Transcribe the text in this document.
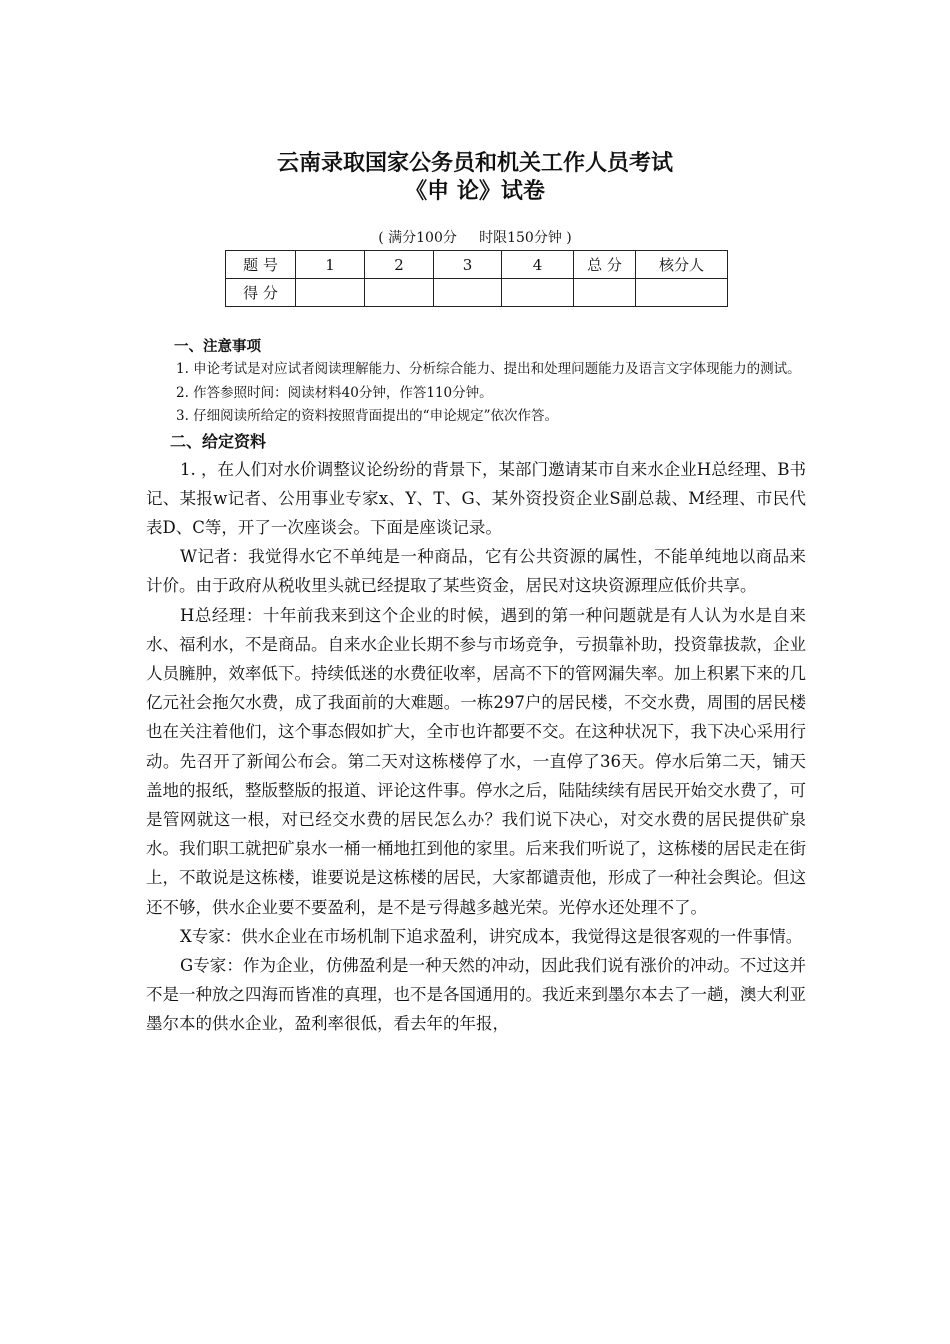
云南录取国家公务员和机关工作人员考试
《申 论》试卷
( 满分100分     时限150分钟 )
题 号	1	2	3	4	总 分	核分人
得 分						

一、注意事项

1. 申论考试是对应试者阅读理解能力、分析综合能力、提出和处理问题能力及语言文字体现能力的测试。

2. 作答参照时间：阅读材料40分钟，作答110分钟。

3. 仔细阅读所给定的资料按照背面提出的“申论规定”依次作答。

二、给定资料

1. ，在人们对水价调整议论纷纷的背景下，某部门邀请某市自来水企业H总经理、B书记、某报w记者、公用事业专家x、Y、T、G、某外资投资企业S副总裁、M经理、市民代表D、C等，开了一次座谈会。下面是座谈记录。

W记者：我觉得水它不单纯是一种商品，它有公共资源的属性，不能单纯地以商品来计价。由于政府从税收里头就已经提取了某些资金，居民对这块资源理应低价共享。

H总经理：十年前我来到这个企业的时候，遇到的第一种问题就是有人认为水是自来水、福利水，不是商品。自来水企业长期不参与市场竞争，亏损靠补助，投资靠拔款，企业人员臃肿，效率低下。持续低迷的水费征收率，居高不下的管网漏失率。加上积累下来的几亿元社会拖欠水费，成了我面前的大难题。一栋297户的居民楼，不交水费，周围的居民楼也在关注着他们，这个事态假如扩大，全市也许都要不交。在这种状况下，我下决心采用行动。先召开了新闻公布会。第二天对这栋楼停了水，一直停了36天。停水后第二天，铺天盖地的报纸，整版整版的报道、评论这件事。停水之后，陆陆续续有居民开始交水费了，可是管网就这一根，对已经交水费的居民怎么办？我们说下决心，对交水费的居民提供矿泉水。我们职工就把矿泉水一桶一桶地扛到他的家里。后来我们听说了，这栋楼的居民走在街上，不敢说是这栋楼，谁要说是这栋楼的居民，大家都谴责他，形成了一种社会舆论。但这还不够，供水企业要不要盈利，是不是亏得越多越光荣。光停水还处理不了。

X专家：供水企业在市场机制下追求盈利，讲究成本，我觉得这是很客观的一件事情。

G专家：作为企业，仿佛盈利是一种天然的冲动，因此我们说有涨价的冲动。不过这并不是一种放之四海而皆准的真理，也不是各国通用的。我近来到墨尔本去了一趟，澳大利亚墨尔本的供水企业，盈利率很低，看去年的年报，
